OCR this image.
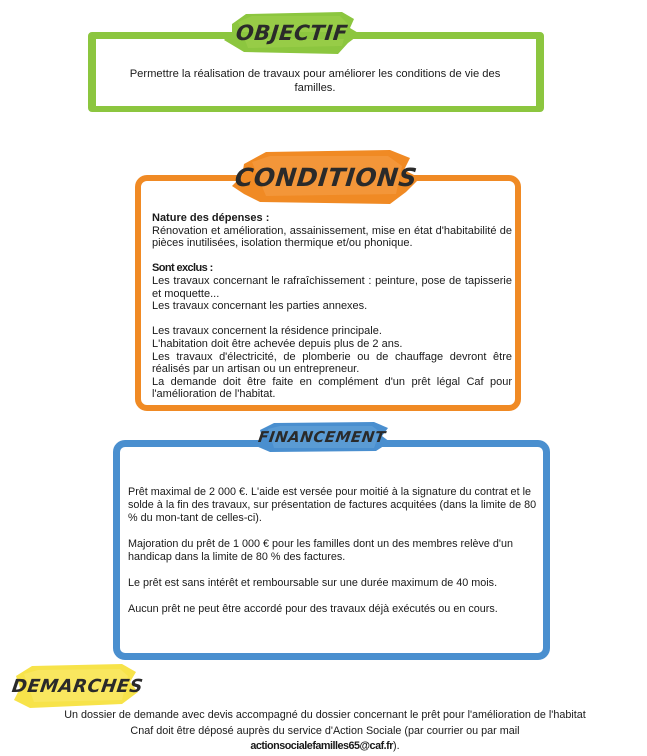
OBJECTIF
Permettre la réalisation de travaux pour améliorer les conditions de vie des familles.
CONDITIONS

Nature des dépenses :

Rénovation et amélioration, assainissement, mise en état d'habitabilité de pièces inutilisées, isolation thermique et/ou phonique.

Sont exclus :

Les travaux concernant le rafraîchissement : peinture, pose de tapisserie et moquette...

Les travaux concernant les parties annexes.

Les travaux concernent la résidence principale.

L'habitation doit être achevée depuis plus de 2 ans.

Les travaux d'électricité, de plomberie ou de chauffage devront être réalisés par un artisan ou un entrepreneur.

La demande doit être faite en complément d'un prêt légal Caf pour l'amélioration de l'habitat.

FINANCEMENT

Prêt maximal de 2 000 €. L'aide est versée pour moitié à la signature du contrat et le solde à la fin des travaux, sur présentation de factures acquitées (dans la limite de 80 % du mon-tant de celles-ci).

Majoration du prêt de 1 000 € pour les familles dont un des membres relève d'un handicap dans la limite de 80 % des factures.

Le prêt est sans intérêt et remboursable sur une durée maximum de 40 mois.

Aucun prêt ne peut être accordé pour des travaux déjà exécutés ou en cours.

DEMARCHES
Un dossier de demande avec devis accompagné du dossier concernant le prêt pour l'amélioration de l'habitat Cnaf doit être déposé auprès du service d'Action Sociale (par courrier ou par mail actionsocialefamilles65@caf.fr).
